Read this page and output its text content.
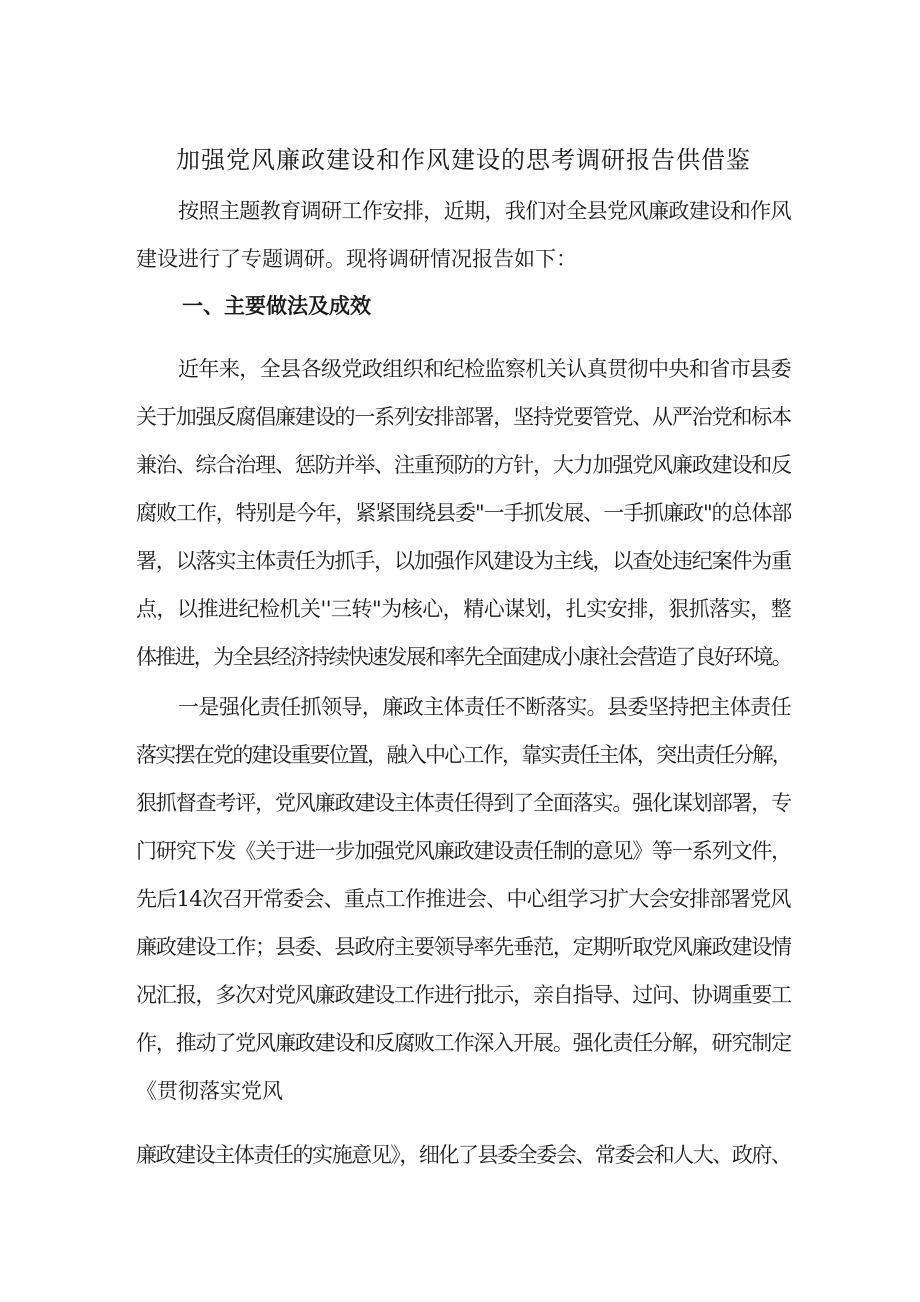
加强党风廉政建设和作风建设的思考调研报告供借鉴
按照主题教育调研工作安排，近期，我们对全县党风廉政建设和作风
建设进行了专题调研。现将调研情况报告如下：
一、主要做法及成效
近年来，全县各级党政组织和纪检监察机关认真贯彻中央和省市县委
关于加强反腐倡廉建设的一系列安排部署，坚持党要管党、从严治党和标本
兼治、综合治理、惩防并举、注重预防的方针，大力加强党风廉政建设和反
腐败工作，特别是今年，紧紧围绕县委"一手抓发展、一手抓廉政"的总体部
署，以落实主体责任为抓手，以加强作风建设为主线，以查处违纪案件为重
点，以推进纪检机关''三转"为核心，精心谋划，扎实安排，狠抓落实，整
体推进，为全县经济持续快速发展和率先全面建成小康社会营造了良好环境。
一是强化责任抓领导，廉政主体责任不断落实。县委坚持把主体责任
落实摆在党的建设重要位置，融入中心工作，靠实责任主体，突出责任分解，
狠抓督查考评，党风廉政建设主体责任得到了全面落实。强化谋划部署，专
门研究下发《关于进一步加强党风廉政建设责任制的意见》等一系列文件，
先后14次召开常委会、重点工作推进会、中心组学习扩大会安排部署党风
廉政建设工作；县委、县政府主要领导率先垂范，定期听取党风廉政建设情
况汇报，多次对党风廉政建设工作进行批示，亲自指导、过问、协调重要工
作，推动了党风廉政建设和反腐败工作深入开展。强化责任分解，研究制定
《贯彻落实党风
廉政建设主体责任的实施意见》，细化了县委全委会、常委会和人大、政府、
